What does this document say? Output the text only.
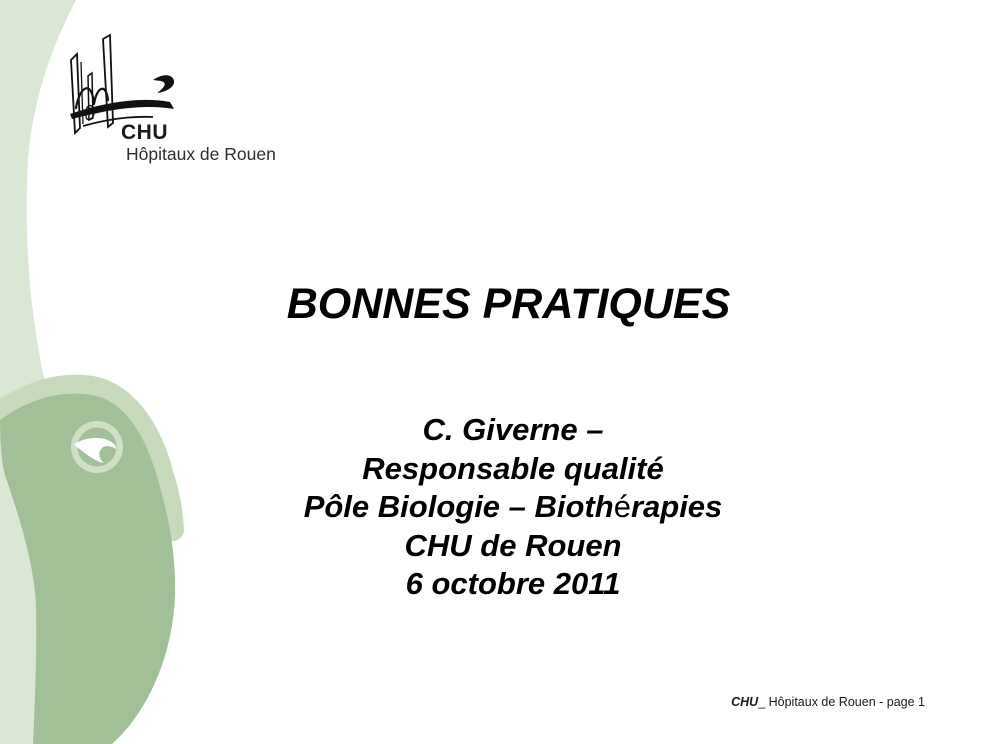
CHU
Hôpitaux de Rouen
BONNES PRATIQUES
C. Giverne –
Responsable qualité
Pôle Biologie – Biothérapies
CHU de Rouen
6 octobre 2011
CHU_ Hôpitaux de Rouen - page 1
